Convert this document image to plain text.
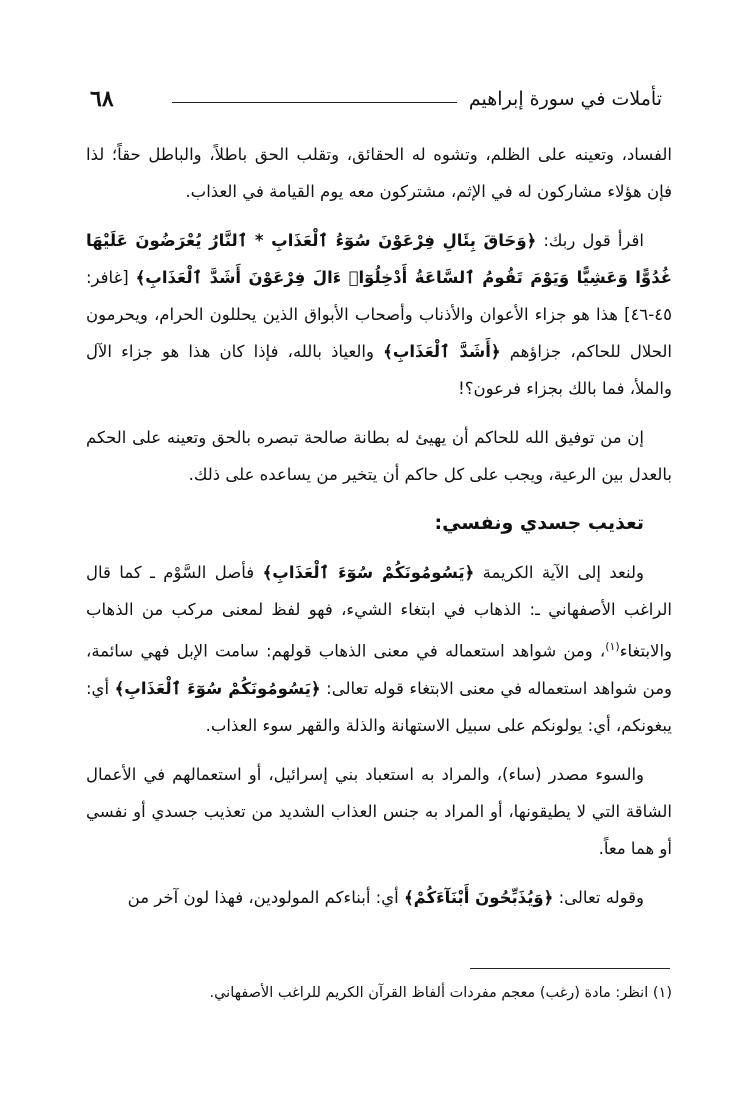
٦٨	تأملات في سورة إبراهيم

الفساد، وتعينه على الظلم، وتشوه له الحقائق، وتقلب الحق باطلاً، والباطل حقاً؛ لذا فإن هؤلاء مشاركون له في الإثم، مشتركون معه يوم القيامة في العذاب.

اقرأ قول ربك: ﴿وَحَاقَ بِئَالِ فِرْعَوْنَ سُوٓءُ ٱلْعَذَابِ * ٱلنَّارُ يُعْرَضُونَ عَلَيْهَا غُدُوًّا وَعَشِيًّا وَيَوْمَ تَقُومُ ٱلسَّاعَةُ أَدْخِلُوٓا۟ ءَالَ فِرْعَوْنَ أَشَدَّ ٱلْعَذَابِ﴾ [غافر: ٤٥-٤٦] هذا هو جزاء الأعوان والأذناب وأصحاب الأبواق الذين يحللون الحرام، ويحرمون الحلال للحاكم، جزاؤهم ﴿أَشَدَّ ٱلْعَذَابِ﴾ والعياذ بالله، فإذا كان هذا هو جزاء الآل والملأ، فما بالك بجزاء فرعون؟!

إن من توفيق الله للحاكم أن يهيئ له بطانة صالحة تبصره بالحق وتعينه على الحكم بالعدل بين الرعية، ويجب على كل حاكم أن يتخير من يساعده على ذلك.

تعذيب جسدي ونفسي:

ولنعد إلى الآية الكريمة ﴿يَسُومُونَكُمْ سُوٓءَ ٱلْعَذَابِ﴾ فأصل السَّوْم ـ كما قال الراغب الأصفهاني ـ: الذهاب في ابتغاء الشيء، فهو لفظ لمعنى مركب من الذهاب والابتغاء$^{(١)}$، ومن شواهد استعماله في معنى الذهاب قولهم: سامت الإبل فهي سائمة، ومن شواهد استعماله في معنى الابتغاء قوله تعالى: ﴿يَسُومُونَكُمْ سُوٓءَ ٱلْعَذَابِ﴾ أي: يبغونكم، أي: يولونكم على سبيل الاستهانة والذلة والقهر سوء العذاب.

والسوء مصدر (ساء)، والمراد به استعباد بني إسرائيل، أو استعمالهم في الأعمال الشاقة التي لا يطيقونها، أو المراد به جنس العذاب الشديد من تعذيب جسدي أو نفسي أو هما معاً.

وقوله تعالى: ﴿وَيُذَبِّحُونَ أَبْنَآءَكُمْ﴾ أي: أبناءكم المولودين، فهذا لون آخر من

(١) انظر: مادة (رغب) معجم مفردات ألفاظ القرآن الكريم للراغب الأصفهاني.
